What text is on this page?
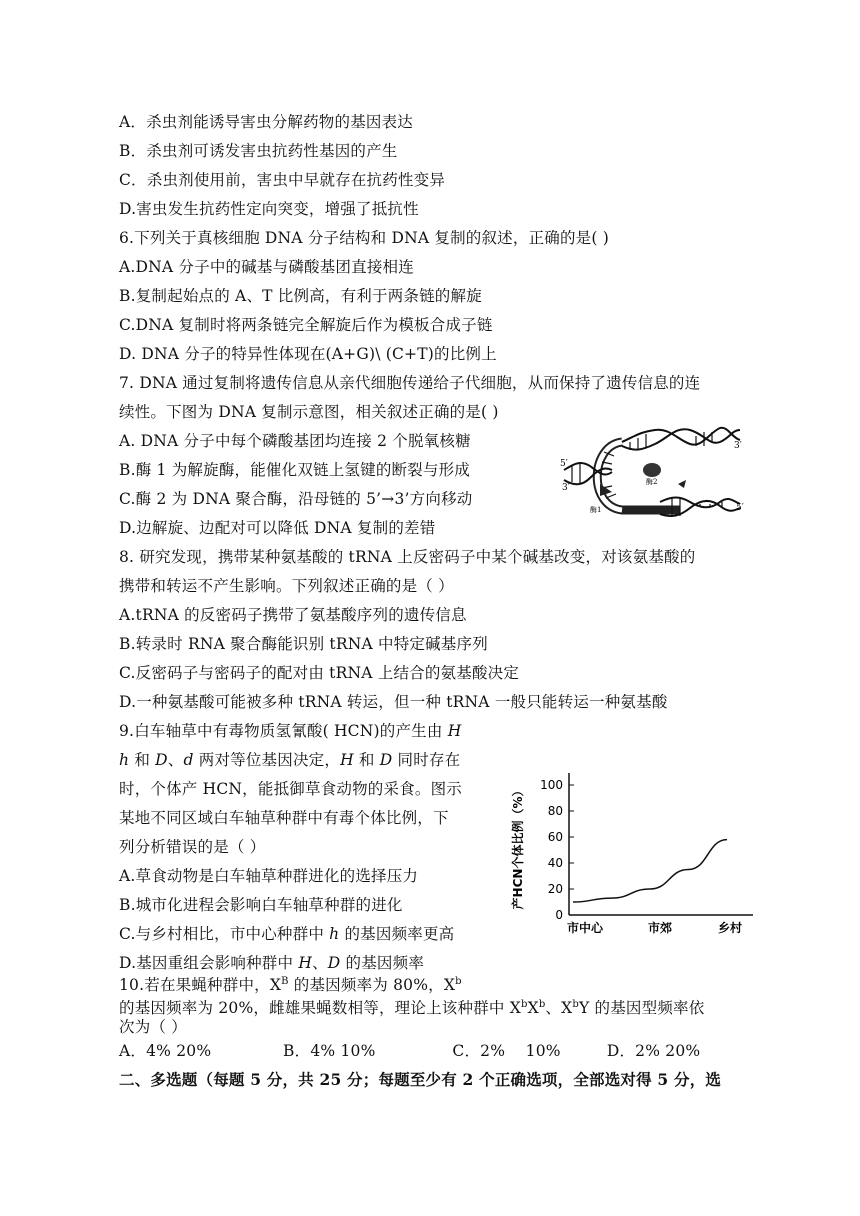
A．杀虫剂能诱导害虫分解药物的基因表达
B．杀虫剂可诱发害虫抗药性基因的产生
C．杀虫剂使用前，害虫中早就存在抗药性变异
D.害虫发生抗药性定向突变，增强了抵抗性
6.下列关于真核细胞 DNA 分子结构和 DNA 复制的叙述，正确的是( )
A.DNA 分子中的碱基与磷酸基团直接相连
B.复制起始点的 A、T 比例高，有利于两条链的解旋
C.DNA 复制时将两条链完全解旋后作为模板合成子链
D. DNA 分子的特异性体现在(A+G)\ (C+T)的比例上
7. DNA 通过复制将遗传信息从亲代细胞传递给子代细胞，从而保持了遗传信息的连
续性。下图为 DNA 复制示意图，相关叙述正确的是( )
A. DNA 分子中每个磷酸基团均连接 2 个脱氧核糖
B.酶 1 为解旋酶，能催化双链上氢键的断裂与形成
C.酶 2 为 DNA 聚合酶，沿母链的 5’→3’方向移动
D.边解旋、边配对可以降低 DNA 复制的差错
5′
3′
3′
5′
酶1
酶2
8. 研究发现，携带某种氨基酸的 tRNA 上反密码子中某个碱基改变，对该氨基酸的
携带和转运不产生影响。下列叙述正确的是（ ）
A.tRNA 的反密码子携带了氨基酸序列的遗传信息
B.转录时 RNA 聚合酶能识别 tRNA 中特定碱基序列
C.反密码子与密码子的配对由 tRNA 上结合的氨基酸决定
D.一种氨基酸可能被多种 tRNA 转运，但一种 tRNA 一般只能转运一种氨基酸
9.白车轴草中有毒物质氢氰酸( HCN)的产生由 H
h 和 D、d 两对等位基因决定，H 和 D 同时存在
时，个体产 HCN，能抵御草食动物的采食。图示
某地不同区域白车轴草种群中有毒个体比例，下
列分析错误的是（ ）
A.草食动物是白车轴草种群进化的选择压力
B.城市化进程会影响白车轴草种群的进化
C.与乡村相比，市中心种群中 h 的基因频率更高
D.基因重组会影响种群中 H、D 的基因频率
产HCN个体比例（%）
0
20
40
60
80
100
市中心	市郊	乡村
10.若在果蝇种群中，$X^B$ 的基因频率为 80%，$X^b$
的基因频率为 20%，雌雄果蝇数相等，理论上该种群中 $X^bX^b$、$X^bY$ 的基因型频率依
次为（ ）
A．4% 20%              B．4% 10%               C．2%    10%         D．2% 20%
二、多选题（每题 5 分，共 25 分；每题至少有 2 个正确选项，全部选对得 5 分，选
